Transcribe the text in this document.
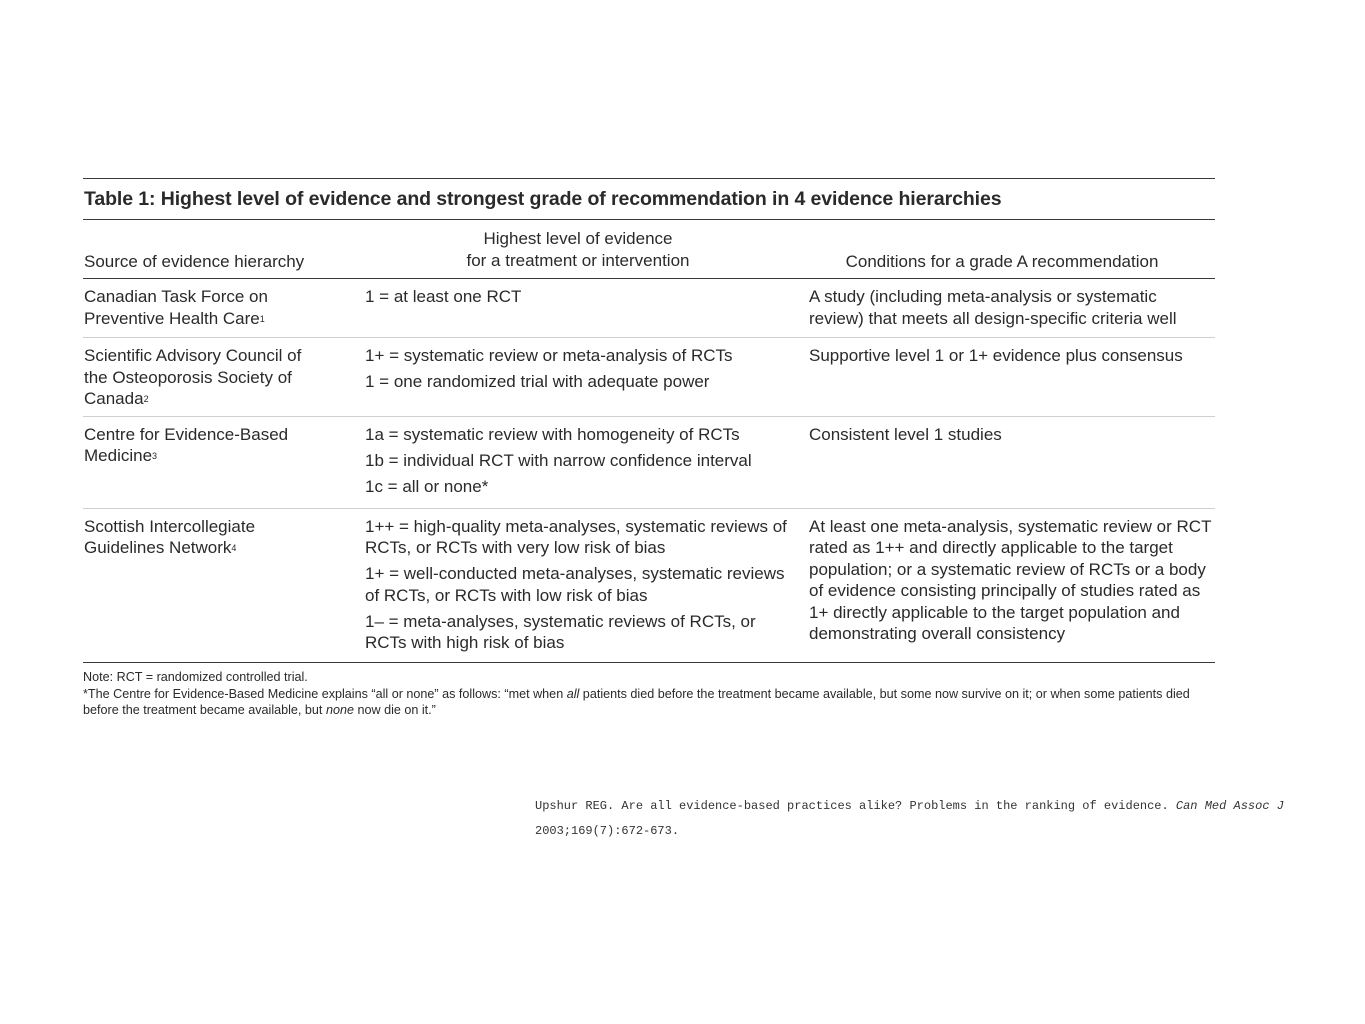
Table 1: Highest level of evidence and strongest grade of recommendation in 4 evidence hierarchies
Source of evidence hierarchy
Highest level of evidence
for a treatment or intervention	Conditions for a grade A recommendation
Canadian Task Force on Preventive Health Care$^1$
1 = at least one RCT	A study (including meta-analysis or systematic review) that meets all design-specific criteria well
Scientific Advisory Council of the Osteoporosis Society of Canada$^2$
1+ = systematic review or meta-analysis of RCTs
1 = one randomized trial with adequate power
Supportive level 1 or 1+ evidence plus consensus
Centre for Evidence-Based Medicine$^3$
1a = systematic review with homogeneity of RCTs
1b = individual RCT with narrow confidence interval
1c = all or none*
Consistent level 1 studies
Scottish Intercollegiate Guidelines Network$^4$
1++ = high-quality meta-analyses, systematic reviews of RCTs, or RCTs with very low risk of bias
1+ = well-conducted meta-analyses, systematic reviews of RCTs, or RCTs with low risk of bias
1– = meta-analyses, systematic reviews of RCTs, or RCTs with high risk of bias
At least one meta-analysis, systematic review or RCT rated as 1++ and directly applicable to the target population; or a systematic review of RCTs or a body of evidence consisting principally of studies rated as 1+ directly applicable to the target population and demonstrating overall consistency
Note: RCT = randomized controlled trial.
*The Centre for Evidence-Based Medicine explains “all or none” as follows: “met when all patients died before the treatment became available, but some now survive on it; or when some patients died before the treatment became available, but none now die on it.”
Upshur REG. Are all evidence-based practices alike? Problems in the ranking of evidence. Can Med Assoc J
2003;169(7):672-673.
